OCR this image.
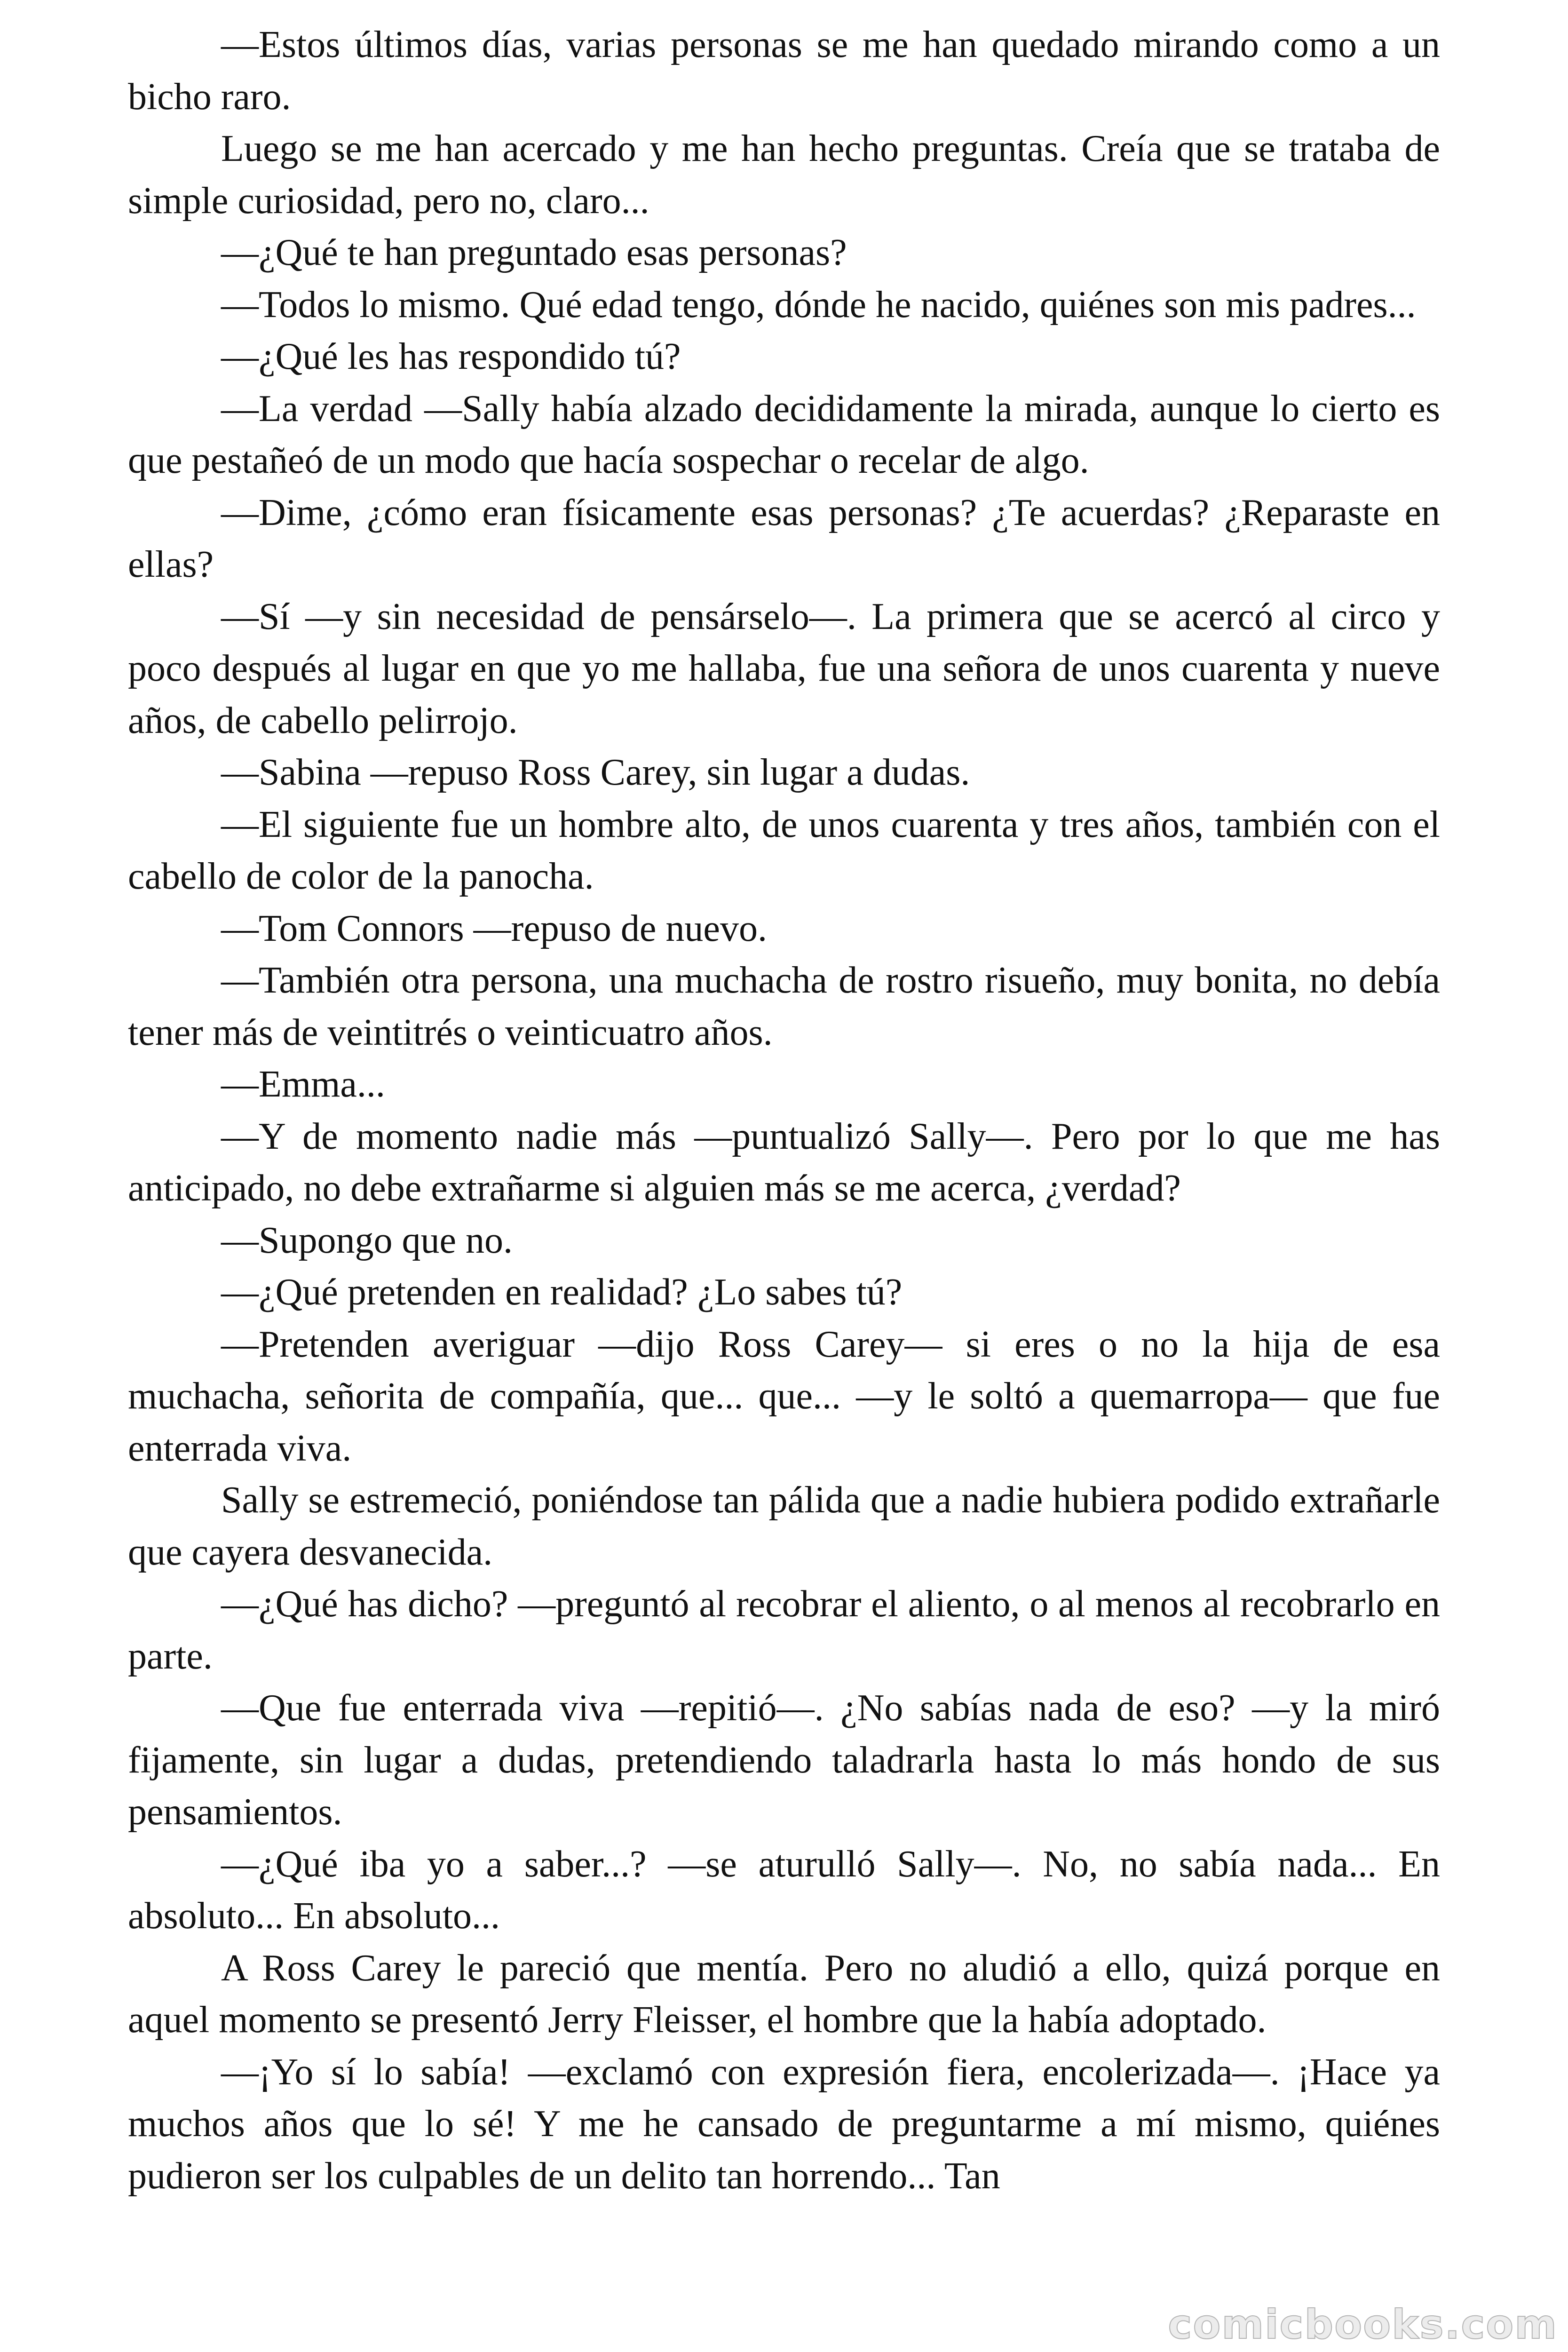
—Estos últimos días, varias personas se me han quedado mirando como a un bicho raro.

Luego se me han acercado y me han hecho preguntas. Creía que se trataba de simple curiosidad, pero no, claro...

—¿Qué te han preguntado esas personas?

—Todos lo mismo. Qué edad tengo, dónde he nacido, quiénes son mis padres...

—¿Qué les has respondido tú?

—La verdad —Sally había alzado decididamente la mirada, aunque lo cierto es que pestañeó de un modo que hacía sospechar o recelar de algo.

—Dime, ¿cómo eran físicamente esas personas? ¿Te acuerdas? ¿Reparaste en ellas?

—Sí —y sin necesidad de pensárselo—. La primera que se acercó al circo y poco después al lugar en que yo me hallaba, fue una señora de unos cuarenta y nueve años, de cabello pelirrojo.

—Sabina —repuso Ross Carey, sin lugar a dudas.

—El siguiente fue un hombre alto, de unos cuarenta y tres años, también con el cabello de color de la panocha.

—Tom Connors —repuso de nuevo.

—También otra persona, una muchacha de rostro risueño, muy bonita, no debía tener más de veintitrés o veinticuatro años.

—Emma...

—Y de momento nadie más —puntualizó Sally—. Pero por lo que me has anticipado, no debe extrañarme si alguien más se me acerca, ¿verdad?

—Supongo que no.

—¿Qué pretenden en realidad? ¿Lo sabes tú?

—Pretenden averiguar —dijo Ross Carey— si eres o no la hija de esa muchacha, señorita de compañía, que... que... —y le soltó a quemarropa— que fue enterrada viva.

Sally se estremeció, poniéndose tan pálida que a nadie hubiera podido extrañarle que cayera desvanecida.

—¿Qué has dicho? —preguntó al recobrar el aliento, o al menos al recobrarlo en parte.

—Que fue enterrada viva —repitió—. ¿No sabías nada de eso? —y la miró fijamente, sin lugar a dudas, pretendiendo taladrarla hasta lo más hondo de sus pensamientos.

—¿Qué iba yo a saber...? —se aturulló Sally—. No, no sabía nada... En absoluto... En absoluto...

A Ross Carey le pareció que mentía. Pero no aludió a ello, quizá porque en aquel momento se presentó Jerry Fleisser, el hombre que la había adoptado.

—¡Yo sí lo sabía! —exclamó con expresión fiera, encolerizada—. ¡Hace ya muchos años que lo sé! Y me he cansado de preguntarme a mí mismo, quiénes pudieron ser los culpables de un delito tan horrendo... Tan

comicbooks.com
